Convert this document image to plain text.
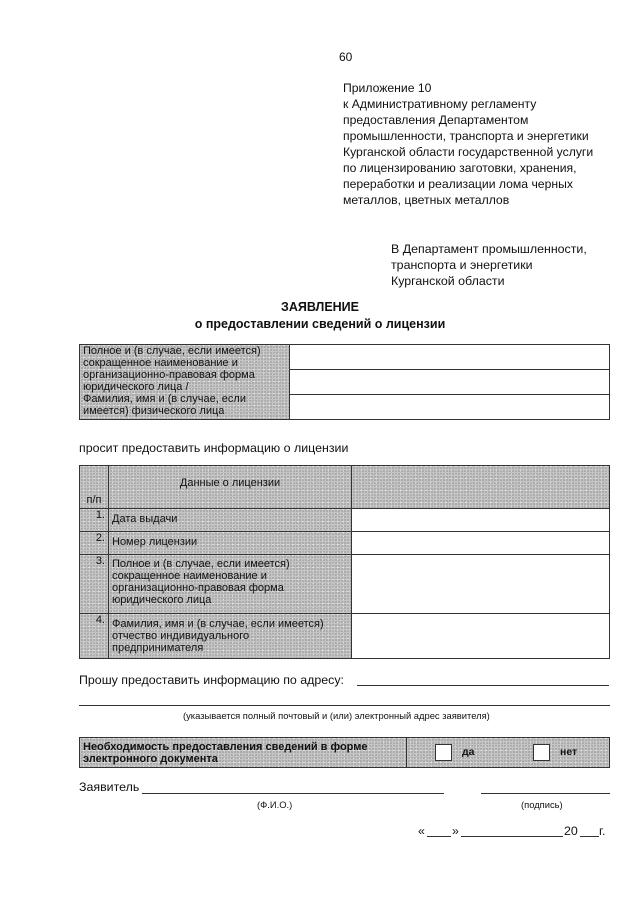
60
Приложение 10
к Административному регламенту
предоставления Департаментом
промышленности, транспорта и энергетики
Курганской области государственной услуги
по лицензированию заготовки, хранения,
переработки и реализации лома черных
металлов, цветных металлов
В Департамент промышленности,
транспорта и энергетики
Курганской области
ЗАЯВЛЕНИЕ
о предоставлении сведений о лицензии
Полное и (в случае, если имеется)
сокращенное наименование и
организационно-правовая форма
юридического лица /
Фамилия, имя и (в случае, если
имеется) физического лица

просит предоставить информацию о лицензии
п/п	Данные о лицензии	
1.	Дата выдачи	

2.	Номер лицензии	

3.	Полное и (в случае, если имеется)
сокращенное наименование и
организационно-правовая форма
юридического лица	

4.	Фамилия, имя и (в случае, если имеется)
отчество индивидуального
предпринимателя	

Прошу предоставить информацию по адресу:
(указывается полный почтовый и (или) электронный адрес заявителя)
Необходимость предоставления сведений в форме
электронного документа

да	нет
Заявитель
(Ф.И.О.)	(подпись)
« »	20 г.
